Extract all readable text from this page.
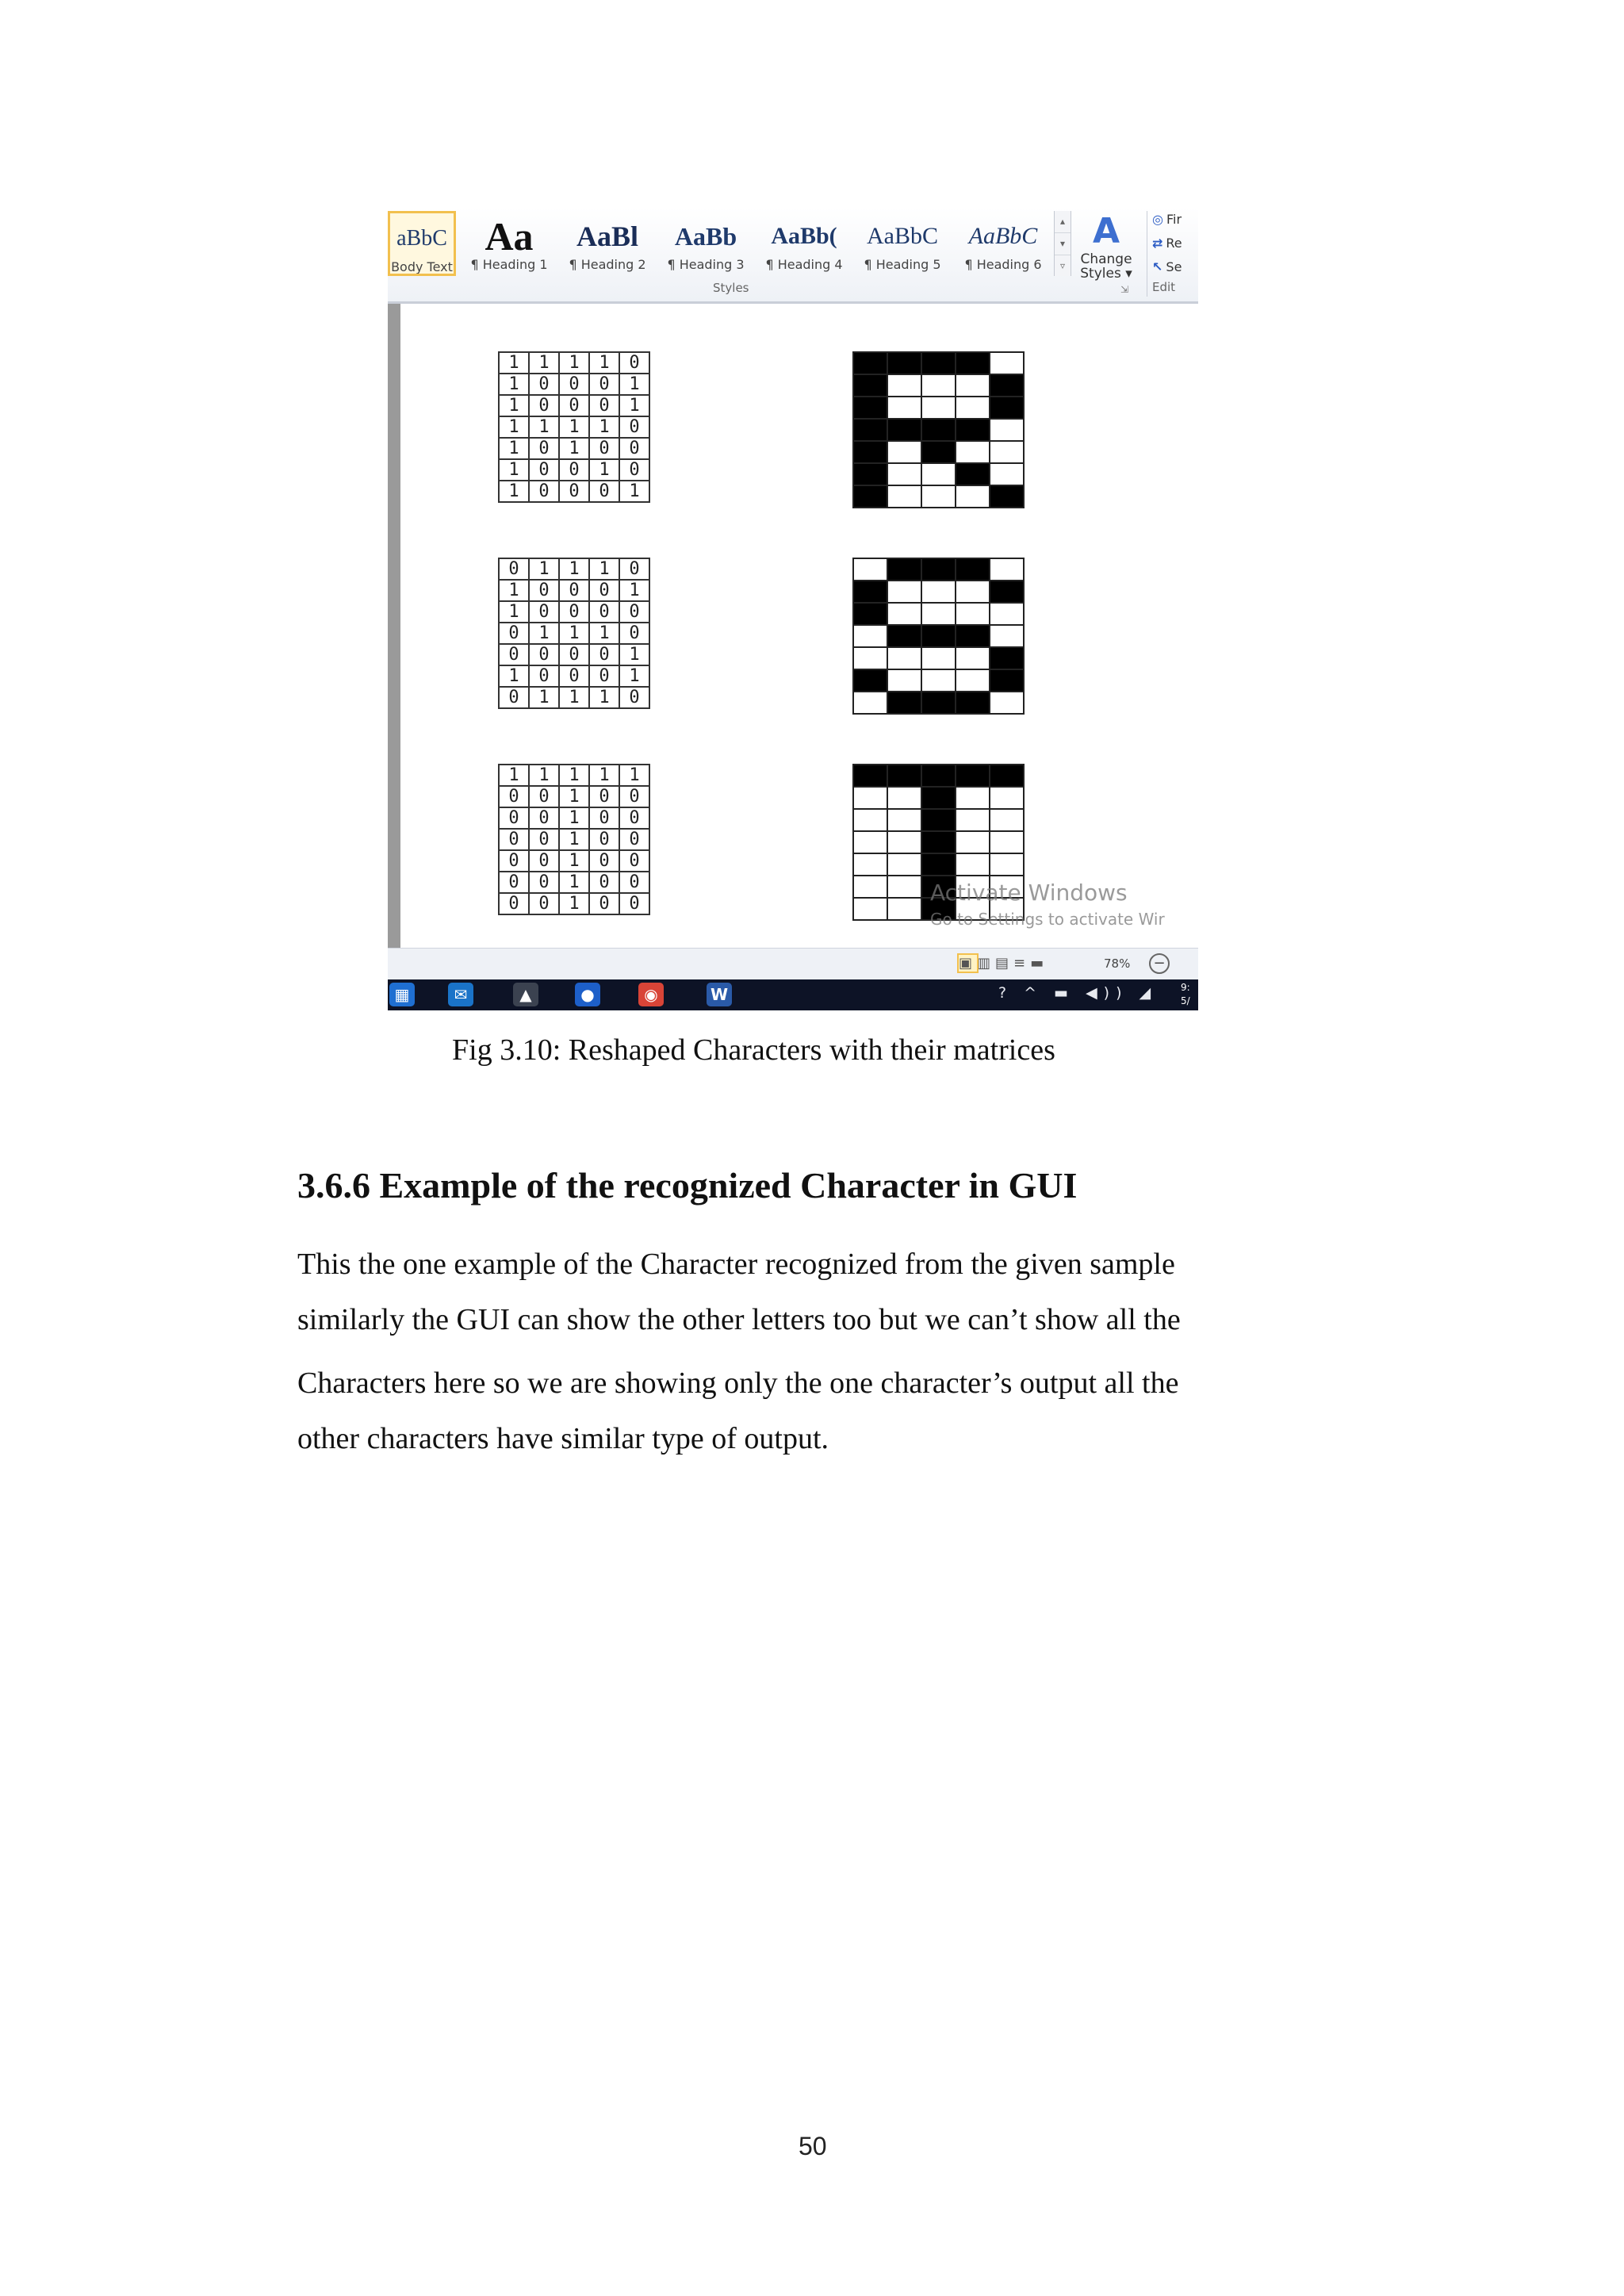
aBbC
Body Text
Aa
¶ Heading 1
AaBl
¶ Heading 2
AaBb
¶ Heading 3
AaBb(
¶ Heading 4
AaBbC
¶ Heading 5
AaBbC
¶ Heading 6
▴
▾
▿
A
Change
Styles ▾
Styles	⇲
◎ Fir
⇄ Re
↖ Se
Edit
1	1	1	1	0
1	0	0	0	1
1	0	0	0	1
1	1	1	1	0
1	0	1	0	0
1	0	0	1	0
1	0	0	0	1

0	1	1	1	0
1	0	0	0	1
1	0	0	0	0
0	1	1	1	0
0	0	0	0	1
1	0	0	0	1
0	1	1	1	0

1	1	1	1	1
0	0	1	0	0
0	0	1	0	0
0	0	1	0	0
0	0	1	0	0
0	0	1	0	0
0	0	1	0	0

					Activate Windows
Go to Settings to activate Wir
▣▥▤≡▬	78%	−
▦	✉	▲	●	◉	W	? ^ ▬ ◀)) ◢ 9:
5/
Fig 3.10: Reshaped Characters with their matrices
3.6.6 Example of the recognized Character in GUI
This the one example of the Character recognized from the given sample
similarly the GUI can show the other letters too but we can’t show all the
Characters here so we are showing only the one character’s output all the
other characters have similar type of output.
50
